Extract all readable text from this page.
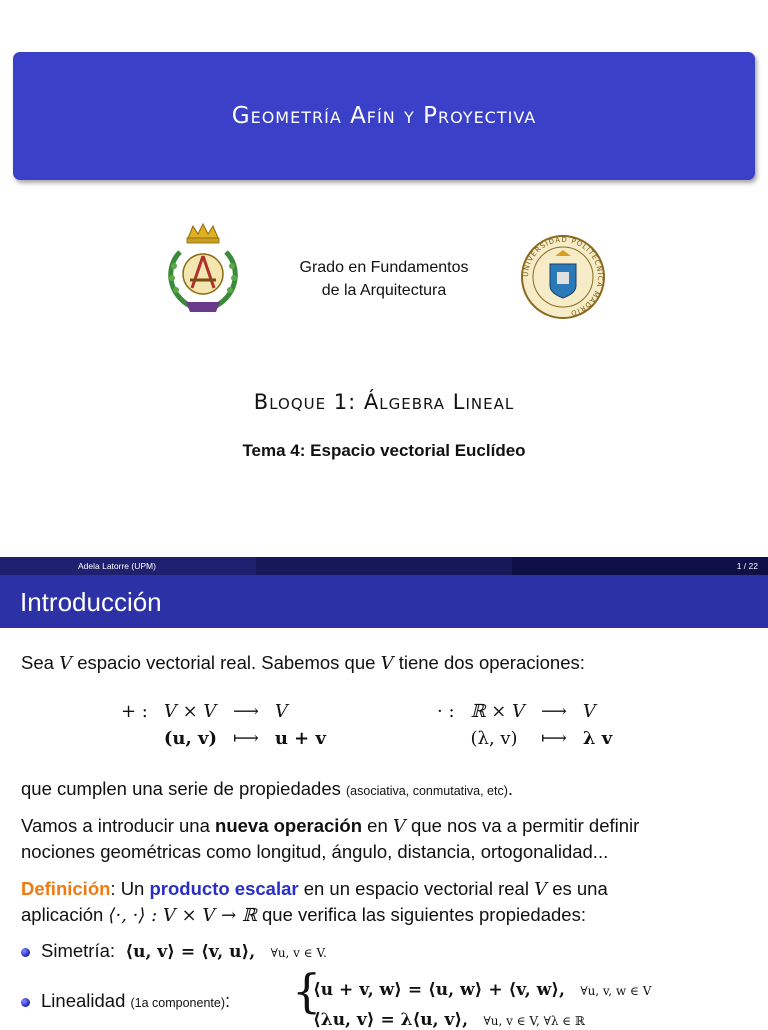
Geometría Afín y Proyectiva
Grado en Fundamentos
de la Arquitectura
UNIVERSIDAD POLITECNICA MADRID
Bloque 1: Álgebra Lineal
Tema 4: Espacio vectorial Euclídeo
Adela Latorre (UPM)	1 / 22
Introducción
Sea V espacio vectorial real. Sabemos que V tiene dos operaciones:
+ :	V × V	⟶	V
	(u, v)	⟼	u + v
· :	ℝ × V	⟶	V
	(λ, v)	⟼	λ v
que cumplen una serie de propiedades (asociativa, conmutativa, etc).
Vamos a introducir una nueva operación en V que nos va a permitir definir
nociones geométricas como longitud, ángulo, distancia, ortogonalidad...
Definición: Un producto escalar en un espacio vectorial real V es una
aplicación ⟨·, ·⟩ : V × V → ℝ que verifica las siguientes propiedades:
Simetría: ⟨u, v⟩ = ⟨v, u⟩, ∀u, v ∈ V.
Linealidad (1a componente): {
⟨u + v, w⟩ = ⟨u, w⟩ + ⟨v, w⟩, ∀u, v, w ∈ V
⟨λu, v⟩ = λ⟨u, v⟩, ∀u, v ∈ V, ∀λ ∈ ℝ
